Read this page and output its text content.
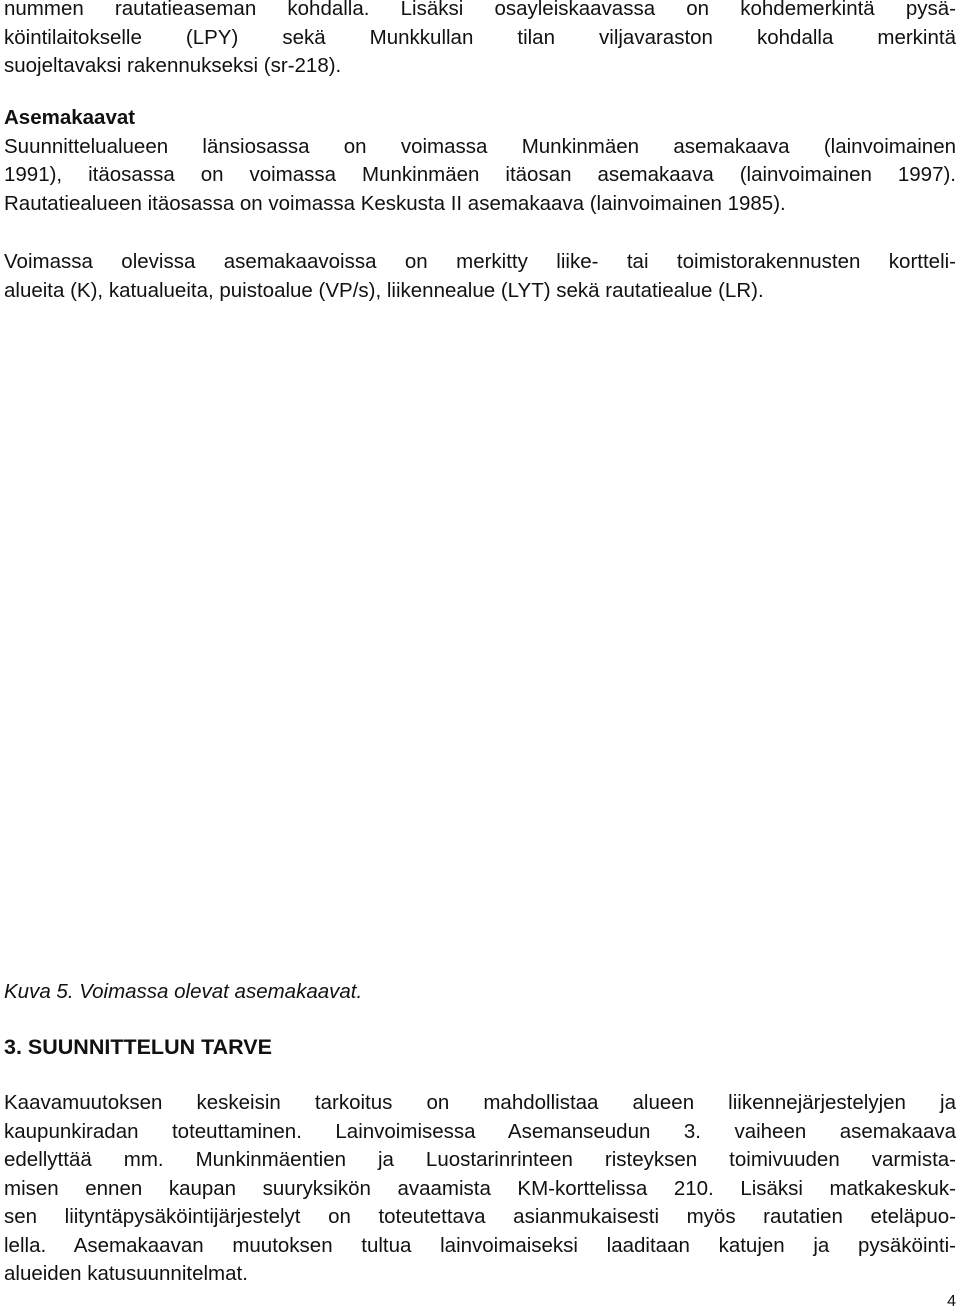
nummen rautatieaseman kohdalla. Lisäksi osayleiskaavassa on kohdemerkintä pysä-
köintilaitokselle (LPY) sekä Munkkullan tilan viljavaraston kohdalla merkintä
suojeltavaksi rakennukseksi (sr-218).

Asemakaavat

Suunnittelualueen länsiosassa on voimassa Munkinmäen asemakaava (lainvoimainen
1991), itäosassa on voimassa Munkinmäen itäosan asemakaava (lainvoimainen 1997).
Rautatiealueen itäosassa on voimassa Keskusta II asemakaava (lainvoimainen 1985).

Voimassa olevissa asemakaavoissa on merkitty liike- tai toimistorakennusten kortteli-
alueita (K), katualueita, puistoalue (VP/s), liikennealue (LYT) sekä rautatiealue (LR).

Kuva 5. Voimassa olevat asemakaavat.

3. SUUNNITTELUN TARVE

Kaavamuutoksen keskeisin tarkoitus on mahdollistaa alueen liikennejärjestelyjen ja
kaupunkiradan toteuttaminen. Lainvoimisessa Asemanseudun 3. vaiheen asemakaava
edellyttää mm. Munkinmäentien ja Luostarinrinteen risteyksen toimivuuden varmista-
misen ennen kaupan suuryksikön avaamista KM-korttelissa 210. Lisäksi matkakeskuk-
sen liityntäpysäköintijärjestelyt on toteutettava asianmukaisesti myös rautatien eteläpuo-
lella. Asemakaavan muutoksen tultua lainvoimaiseksi laaditaan katujen ja pysäköinti-
alueiden katusuunnitelmat.

4
